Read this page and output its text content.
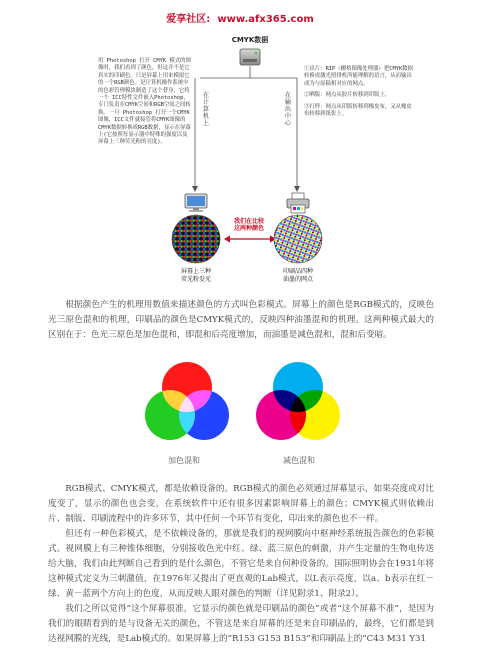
爱享社区: www.afx365.com
CMYK数据
用 Photoshop 打开 CMYK 模式的图像时，我们看到了颜色，但这并不是它真实的印刷色。只是屏幕上用来模拟它的一个RGB颜色。是计算机操作系统中的色彩管理模块制造了这个替身，它将一个 ICC特性文件嵌入Photoshop，专门负责在CMYK空间和RGB空间之间转换。一旦 Photoshop 打开一个CMYK图像，ICC文件就接管将CMYK图像的CMYK数据转换成RGB数据，显示在屏幕上(它按照每显示器中特殊的强度以及屏幕上三种荧光粉的亮度)。
在计算机上
在输出中心
①出片：RIP（栅格图像处理器）把CMYK数据转换成激光照排机所能理解的语言，从而输出成为与原稿相对应的网点。
②晒版：网点从胶片转移到印版上。
③打样：网点从印版转移到橡皮布，又从橡皮布转移到纸张上。
我们在比较
这两种颜色
屏幕上三种
荧光粉发光
印刷品四种
油墨的网点

根据颜色产生的机理用数值来描述颜色的方式叫色彩模式。屏幕上的颜色是RGB模式的，反映色光三原色混和的机理，印刷品的颜色是CMYK模式的，反映四种油墨混和的机理。这两种模式最大的区别在于：色光三原色是加色混和，即混和后亮度增加，而油墨是减色混和，混和后变暗。

加色混和	减色混和

RGB模式、CMYK模式，都是依赖设备的。RGB模式的颜色必须通过屏幕显示，如果亮度或对比度变了，显示的颜色也会变，在系统软件中还有很多因素影响屏幕上的颜色；CMYK模式则依赖出片、制版、印刷流程中的许多环节，其中任何一个环节有变化，印出来的颜色也不一样。

但还有一种色彩模式，是不依赖设备的，那就是我们的视网膜向中枢神经系统报告颜色的色彩模式。视网膜上有三种锥体细胞，分别接收色光中红、绿、蓝三原色的刺激，并产生定量的生物电传送给大脑，我们由此判断自己看到的是什么颜色，不管它是来自何种设备的。国际照明协会在1931年将这种模式定义为三刺激值，在1976年又提出了更直观的Lab模式，以L表示亮度，以a、b表示在红－绿、黄－蓝两个方向上的色度，从而反映人眼对颜色的判断（详见附录1、附录2）。

我们之所以觉得“这个屏幕很准，它显示的颜色就是印刷品的颜色”或者“这个屏幕不准”，是因为我们的眼睛看到的是与设备无关的颜色，不管这是来自屏幕的还是来自印刷品的，最终，它们都是到达视网膜的光线，是Lab模式的。如果屏幕上的“R153 G153 B153”和印刷品上的“C43 M31 Y31
